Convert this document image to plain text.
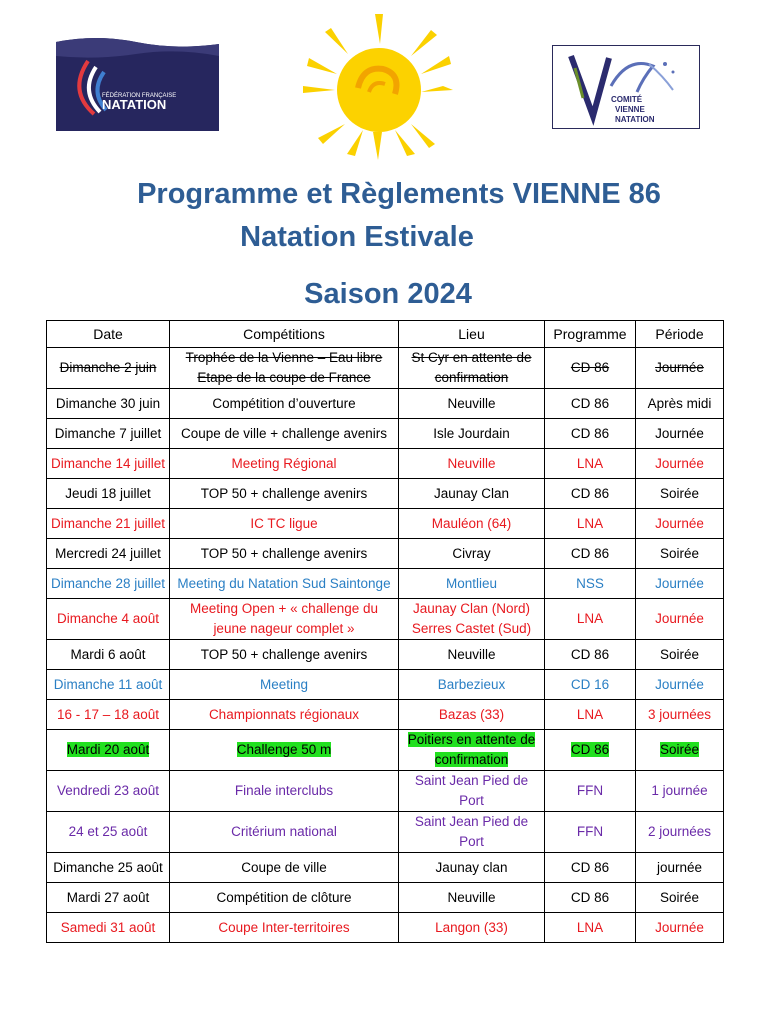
FÉDÉRATION FRANÇAISE
NATATION	COMITÉ
VIENNE
NATATION
Programme et Règlements VIENNE 86
Natation Estivale
Saison 2024
Date	Compétitions	Lieu	Programme	Période
Dimanche 2 juin	Trophée de la Vienne – Eau libre Etape de la coupe de France	St Cyr en attente de confirmation	CD 86	Journée
Dimanche 30 juin	Compétition d’ouverture	Neuville	CD 86	Après midi
Dimanche 7 juillet	Coupe de ville + challenge avenirs	Isle Jourdain	CD 86	Journée
Dimanche 14 juillet	Meeting Régional	Neuville	LNA	Journée
Jeudi 18 juillet	TOP 50 + challenge avenirs	Jaunay Clan	CD 86	Soirée
Dimanche 21 juillet	IC TC ligue	Mauléon (64)	LNA	Journée
Mercredi 24 juillet	TOP 50 + challenge avenirs	Civray	CD 86	Soirée
Dimanche 28 juillet	Meeting du Natation Sud Saintonge	Montlieu	NSS	Journée
Dimanche 4 août	Meeting Open + « challenge du jeune nageur complet »	Jaunay Clan (Nord) Serres Castet (Sud)	LNA	Journée
Mardi 6 août	TOP 50 + challenge avenirs	Neuville	CD 86	Soirée
Dimanche 11 août	Meeting	Barbezieux	CD 16	Journée
16 - 17 – 18 août	Championnats régionaux	Bazas (33)	LNA	3 journées
Mardi 20 août	Challenge 50 m	Poitiers en attente de confirmation	CD 86	Soirée
Vendredi 23 août	Finale interclubs	Saint Jean Pied de Port	FFN	1 journée
24 et 25 août	Critérium national	Saint Jean Pied de Port	FFN	2 journées
Dimanche 25 août	Coupe de ville	Jaunay clan	CD 86	journée
Mardi 27 août	Compétition de clôture	Neuville	CD 86	Soirée
Samedi 31 août	Coupe Inter-territoires	Langon (33)	LNA	Journée
